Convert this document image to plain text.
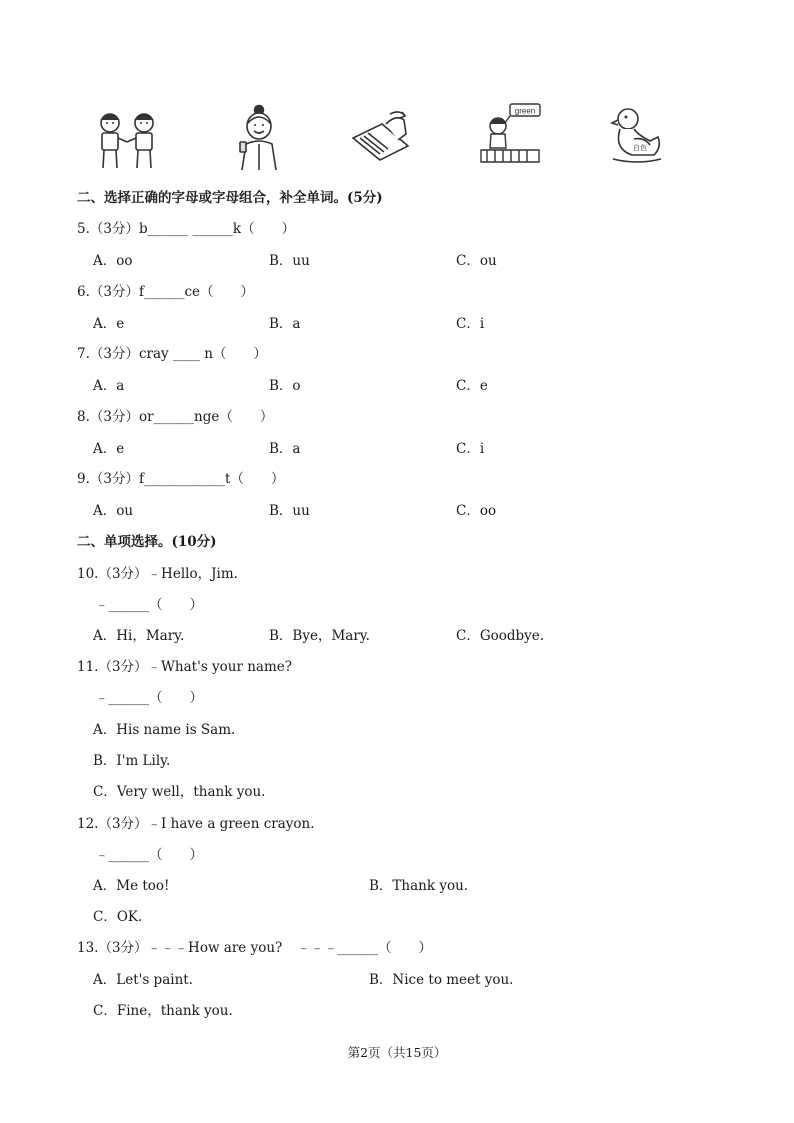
green
白色
二、选择正确的字母或字母组合，补全单词。(5分)
5.（3分）b______ ______k（　　）
A．oo	B．uu	C．ou
6.（3分）f______ce（　　）
A．e	B．a	C．i
7.（3分）cray ____ n（　　）
A．a	B．o	C．e
8.（3分）or______nge（　　）
A．e	B．a	C．i
9.（3分）f____________t（　　）
A．ou	B．uu	C．oo
二、单项选择。(10分)
10.（3分）﹣Hello，Jim.
﹣______（　　）
A．Hi，Mary.	B．Bye，Mary.	C．Goodbye.
11.（3分）﹣What's your name?
﹣______（　　）
A．His name is Sam.
B．I'm Lily.
C．Very well，thank you.
12.（3分）﹣I have a green crayon.
﹣______（　　）
A．Me too!	B．Thank you.
C．OK.
13.（3分）﹣﹣﹣How are you? ﹣﹣﹣______（　　）
A．Let's paint.	B．Nice to meet you.
C．Fine，thank you.
第2页（共15页）
